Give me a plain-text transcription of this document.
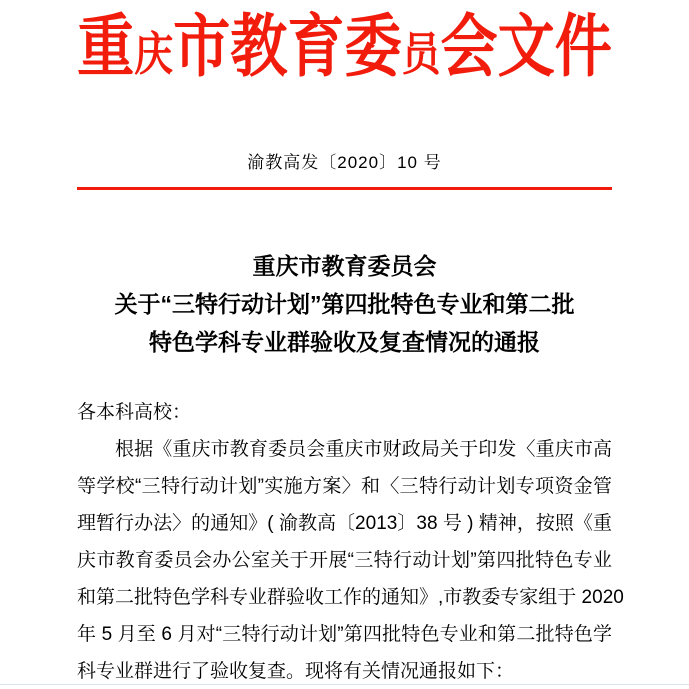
重庆市教育委员会文件
渝教高发〔2020〕10 号
重庆市教育委员会
关于“三特行动计划”第四批特色专业和第二批
特色学科专业群验收及复查情况的通报
各本科高校：
根据《重庆市教育委员会重庆市财政局关于印发〈重庆市高
等学校“三特行动计划”实施方案〉和〈三特行动计划专项资金管
理暂行办法〉的通知》( 渝教高〔2013〕38 号 ) 精神，按照《重
庆市教育委员会办公室关于开展“三特行动计划”第四批特色专业
和第二批特色学科专业群验收工作的通知》,市教委专家组于 2020
年 5 月至 6 月对“三特行动计划”第四批特色专业和第二批特色学
科专业群进行了验收复查。现将有关情况通报如下：
